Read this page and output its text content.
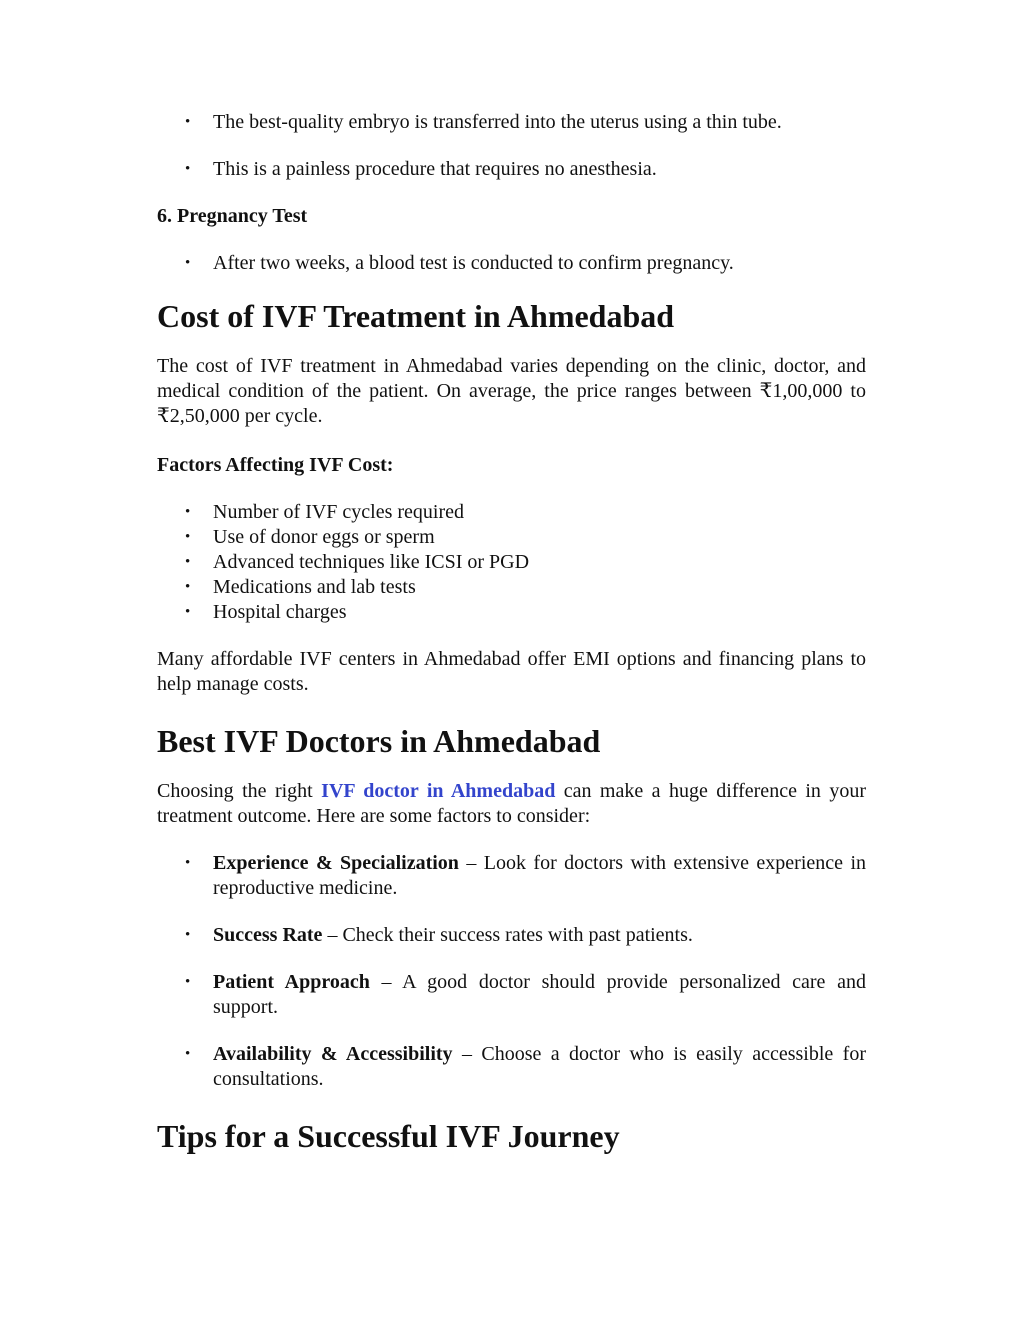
• The best-quality embryo is transferred into the uterus using a thin tube.
• This is a painless procedure that requires no anesthesia.
6. Pregnancy Test
• After two weeks, a blood test is conducted to confirm pregnancy.
Cost of IVF Treatment in Ahmedabad

The cost of IVF treatment in Ahmedabad varies depending on the clinic, doctor, and medical condition of the patient. On average, the price ranges between ₹1,00,000 to ₹2,50,000 per cycle.

Factors Affecting IVF Cost:
• Number of IVF cycles required
• Use of donor eggs or sperm
• Advanced techniques like ICSI or PGD
• Medications and lab tests
• Hospital charges

Many affordable IVF centers in Ahmedabad offer EMI options and financing plans to help manage costs.

Best IVF Doctors in Ahmedabad

Choosing the right IVF doctor in Ahmedabad can make a huge difference in your treatment outcome. Here are some factors to consider:

• Experience & Specialization – Look for doctors with extensive experience in reproductive medicine.
• Success Rate – Check their success rates with past patients.
• Patient Approach – A good doctor should provide personalized care and support.
• Availability & Accessibility – Choose a doctor who is easily accessible for consultations.
Tips for a Successful IVF Journey
